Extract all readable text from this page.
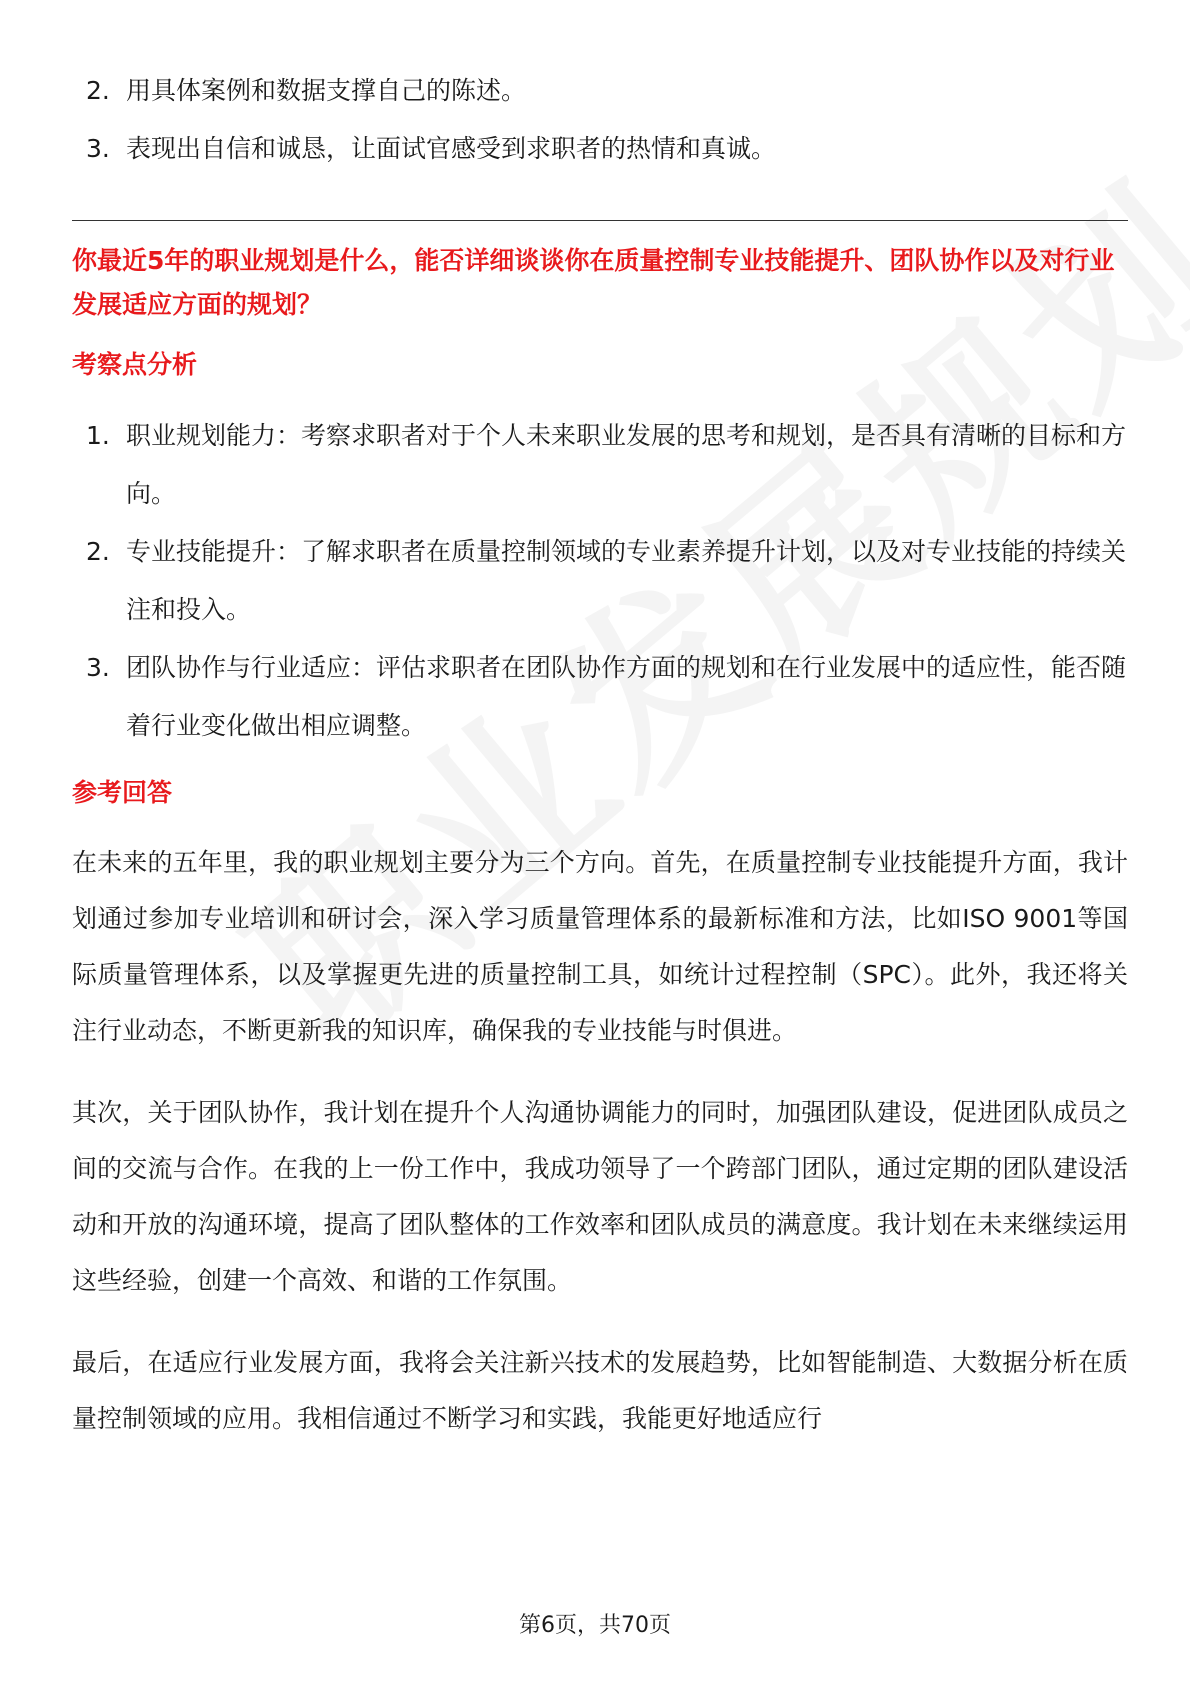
2. 用具体案例和数据支撑自己的陈述。
3. 表现出自信和诚恳，让面试官感受到求职者的热情和真诚。

你最近5年的职业规划是什么，能否详细谈谈你在质量控制专业技能提升、团队协作以及对行业发展适应方面的规划？

考察点分析
1. 职业规划能力：考察求职者对于个人未来职业发展的思考和规划，是否具有清晰的目标和方向。
2. 专业技能提升：了解求职者在质量控制领域的专业素养提升计划，以及对专业技能的持续关注和投入。
3. 团队协作与行业适应：评估求职者在团队协作方面的规划和在行业发展中的适应性，能否随着行业变化做出相应调整。
参考回答

在未来的五年里，我的职业规划主要分为三个方向。首先，在质量控制专业技能提升方面，我计划通过参加专业培训和研讨会，深入学习质量管理体系的最新标准和方法，比如ISO 9001等国际质量管理体系，以及掌握更先进的质量控制工具，如统计过程控制（SPC）。此外，我还将关注行业动态，不断更新我的知识库，确保我的专业技能与时俱进。

其次，关于团队协作，我计划在提升个人沟通协调能力的同时，加强团队建设，促进团队成员之间的交流与合作。在我的上一份工作中，我成功领导了一个跨部门团队，通过定期的团队建设活动和开放的沟通环境，提高了团队整体的工作效率和团队成员的满意度。我计划在未来继续运用这些经验，创建一个高效、和谐的工作氛围。

最后，在适应行业发展方面，我将会关注新兴技术的发展趋势，比如智能制造、大数据分析在质量控制领域的应用。我相信通过不断学习和实践，我能更好地适应行

第6页，共70页
